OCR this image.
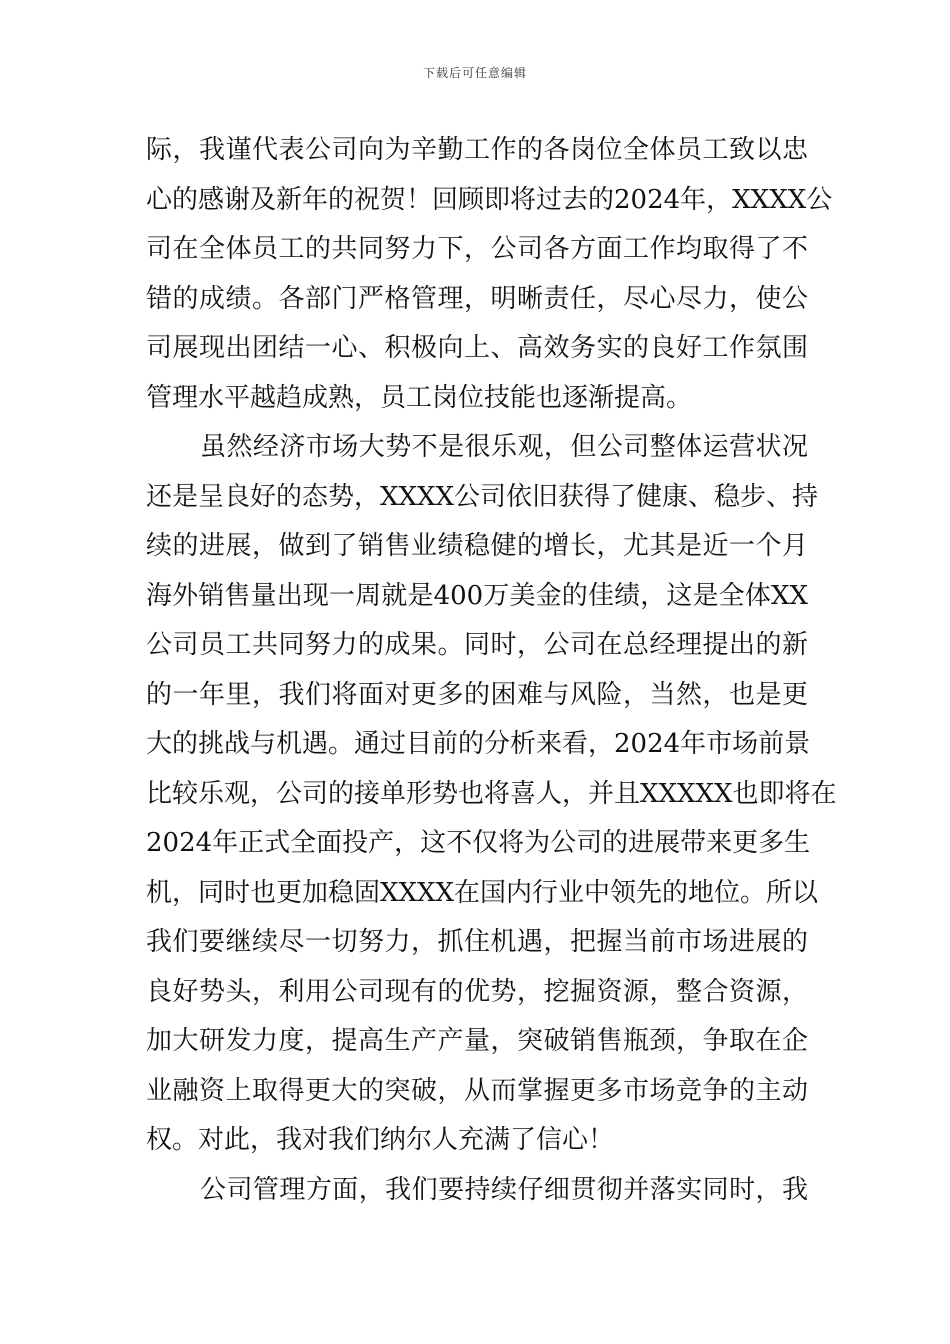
下载后可任意编辑
际，我谨代表公司向为辛勤工作的各岗位全体员工致以忠
心的感谢及新年的祝贺！回顾即将过去的2024年，XXXX公
司在全体员工的共同努力下，公司各方面工作均取得了不
错的成绩。各部门严格管理，明晰责任，尽心尽力，使公
司展现出团结一心、积极向上、高效务实的良好工作氛围
管理水平越趋成熟，员工岗位技能也逐渐提高。
虽然经济市场大势不是很乐观，但公司整体运营状况
还是呈良好的态势，XXXX公司依旧获得了健康、稳步、持
续的进展，做到了销售业绩稳健的增长，尤其是近一个月
海外销售量出现一周就是400万美金的佳绩，这是全体XX
公司员工共同努力的成果。同时，公司在总经理提出的新
的一年里，我们将面对更多的困难与风险，当然，也是更
大的挑战与机遇。通过目前的分析来看，2024年市场前景
比较乐观，公司的接单形势也将喜人，并且XXXXX也即将在
2024年正式全面投产，这不仅将为公司的进展带来更多生
机，同时也更加稳固XXXX在国内行业中领先的地位。所以
我们要继续尽一切努力，抓住机遇，把握当前市场进展的
良好势头，利用公司现有的优势，挖掘资源，整合资源，
加大研发力度，提高生产产量，突破销售瓶颈，争取在企
业融资上取得更大的突破，从而掌握更多市场竞争的主动
权。对此，我对我们纳尔人充满了信心！
公司管理方面，我们要持续仔细贯彻并落实同时，我
